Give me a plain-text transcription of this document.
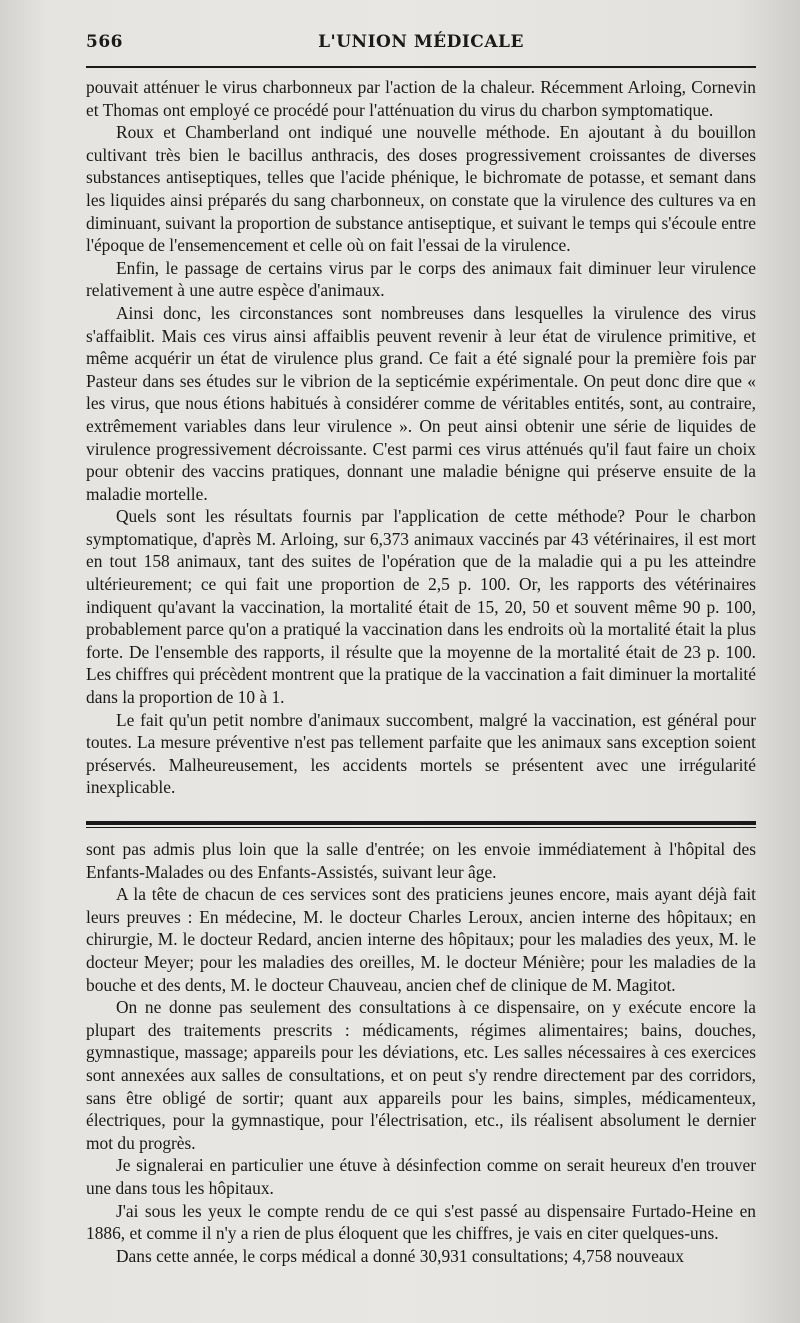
566	L'UNION MÉDICALE

pouvait atténuer le virus charbonneux par l'action de la chaleur. Récemment Arloing, Cornevin et Thomas ont employé ce procédé pour l'atténuation du virus du charbon symptomatique.

Roux et Chamberland ont indiqué une nouvelle méthode. En ajoutant à du bouillon cultivant très bien le bacillus anthracis, des doses progressivement croissantes de diverses substances antiseptiques, telles que l'acide phénique, le bichromate de potasse, et semant dans les liquides ainsi préparés du sang charbonneux, on constate que la virulence des cultures va en diminuant, suivant la proportion de substance antiseptique, et suivant le temps qui s'écoule entre l'époque de l'ensemencement et celle où on fait l'essai de la virulence.

Enfin, le passage de certains virus par le corps des animaux fait diminuer leur virulence relativement à une autre espèce d'animaux.

Ainsi donc, les circonstances sont nombreuses dans lesquelles la virulence des virus s'affaiblit. Mais ces virus ainsi affaiblis peuvent revenir à leur état de virulence primitive, et même acquérir un état de virulence plus grand. Ce fait a été signalé pour la première fois par Pasteur dans ses études sur le vibrion de la septicémie expérimentale. On peut donc dire que « les virus, que nous étions habitués à considérer comme de véritables entités, sont, au contraire, extrêmement variables dans leur virulence ». On peut ainsi obtenir une série de liquides de virulence progressivement décroissante. C'est parmi ces virus atténués qu'il faut faire un choix pour obtenir des vaccins pratiques, donnant une maladie bénigne qui préserve ensuite de la maladie mortelle.

Quels sont les résultats fournis par l'application de cette méthode? Pour le charbon symptomatique, d'après M. Arloing, sur 6,373 animaux vaccinés par 43 vétérinaires, il est mort en tout 158 animaux, tant des suites de l'opération que de la maladie qui a pu les atteindre ultérieurement; ce qui fait une proportion de 2,5 p. 100. Or, les rapports des vétérinaires indiquent qu'avant la vaccination, la mortalité était de 15, 20, 50 et souvent même 90 p. 100, probablement parce qu'on a pratiqué la vaccination dans les endroits où la mortalité était la plus forte. De l'ensemble des rapports, il résulte que la moyenne de la mortalité était de 23 p. 100. Les chiffres qui précèdent montrent que la pratique de la vaccination a fait diminuer la mortalité dans la proportion de 10 à 1.

Le fait qu'un petit nombre d'animaux succombent, malgré la vaccination, est général pour toutes. La mesure préventive n'est pas tellement parfaite que les animaux sans exception soient préservés. Malheureusement, les accidents mortels se présentent avec une irrégularité inexplicable.

sont pas admis plus loin que la salle d'entrée; on les envoie immédiatement à l'hôpital des Enfants-Malades ou des Enfants-Assistés, suivant leur âge.

A la tête de chacun de ces services sont des praticiens jeunes encore, mais ayant déjà fait leurs preuves : En médecine, M. le docteur Charles Leroux, ancien interne des hôpitaux; en chirurgie, M. le docteur Redard, ancien interne des hôpitaux; pour les maladies des yeux, M. le docteur Meyer; pour les maladies des oreilles, M. le docteur Ménière; pour les maladies de la bouche et des dents, M. le docteur Chauveau, ancien chef de clinique de M. Magitot.

On ne donne pas seulement des consultations à ce dispensaire, on y exécute encore la plupart des traitements prescrits : médicaments, régimes alimentaires; bains, douches, gymnastique, massage; appareils pour les déviations, etc. Les salles nécessaires à ces exercices sont annexées aux salles de consultations, et on peut s'y rendre directement par des corridors, sans être obligé de sortir; quant aux appareils pour les bains, simples, médicamenteux, électriques, pour la gymnastique, pour l'électrisation, etc., ils réalisent absolument le dernier mot du progrès.

Je signalerai en particulier une étuve à désinfection comme on serait heureux d'en trouver une dans tous les hôpitaux.

J'ai sous les yeux le compte rendu de ce qui s'est passé au dispensaire Furtado-Heine en 1886, et comme il n'y a rien de plus éloquent que les chiffres, je vais en citer quelques-uns.

Dans cette année, le corps médical a donné 30,931 consultations; 4,758 nouveaux
